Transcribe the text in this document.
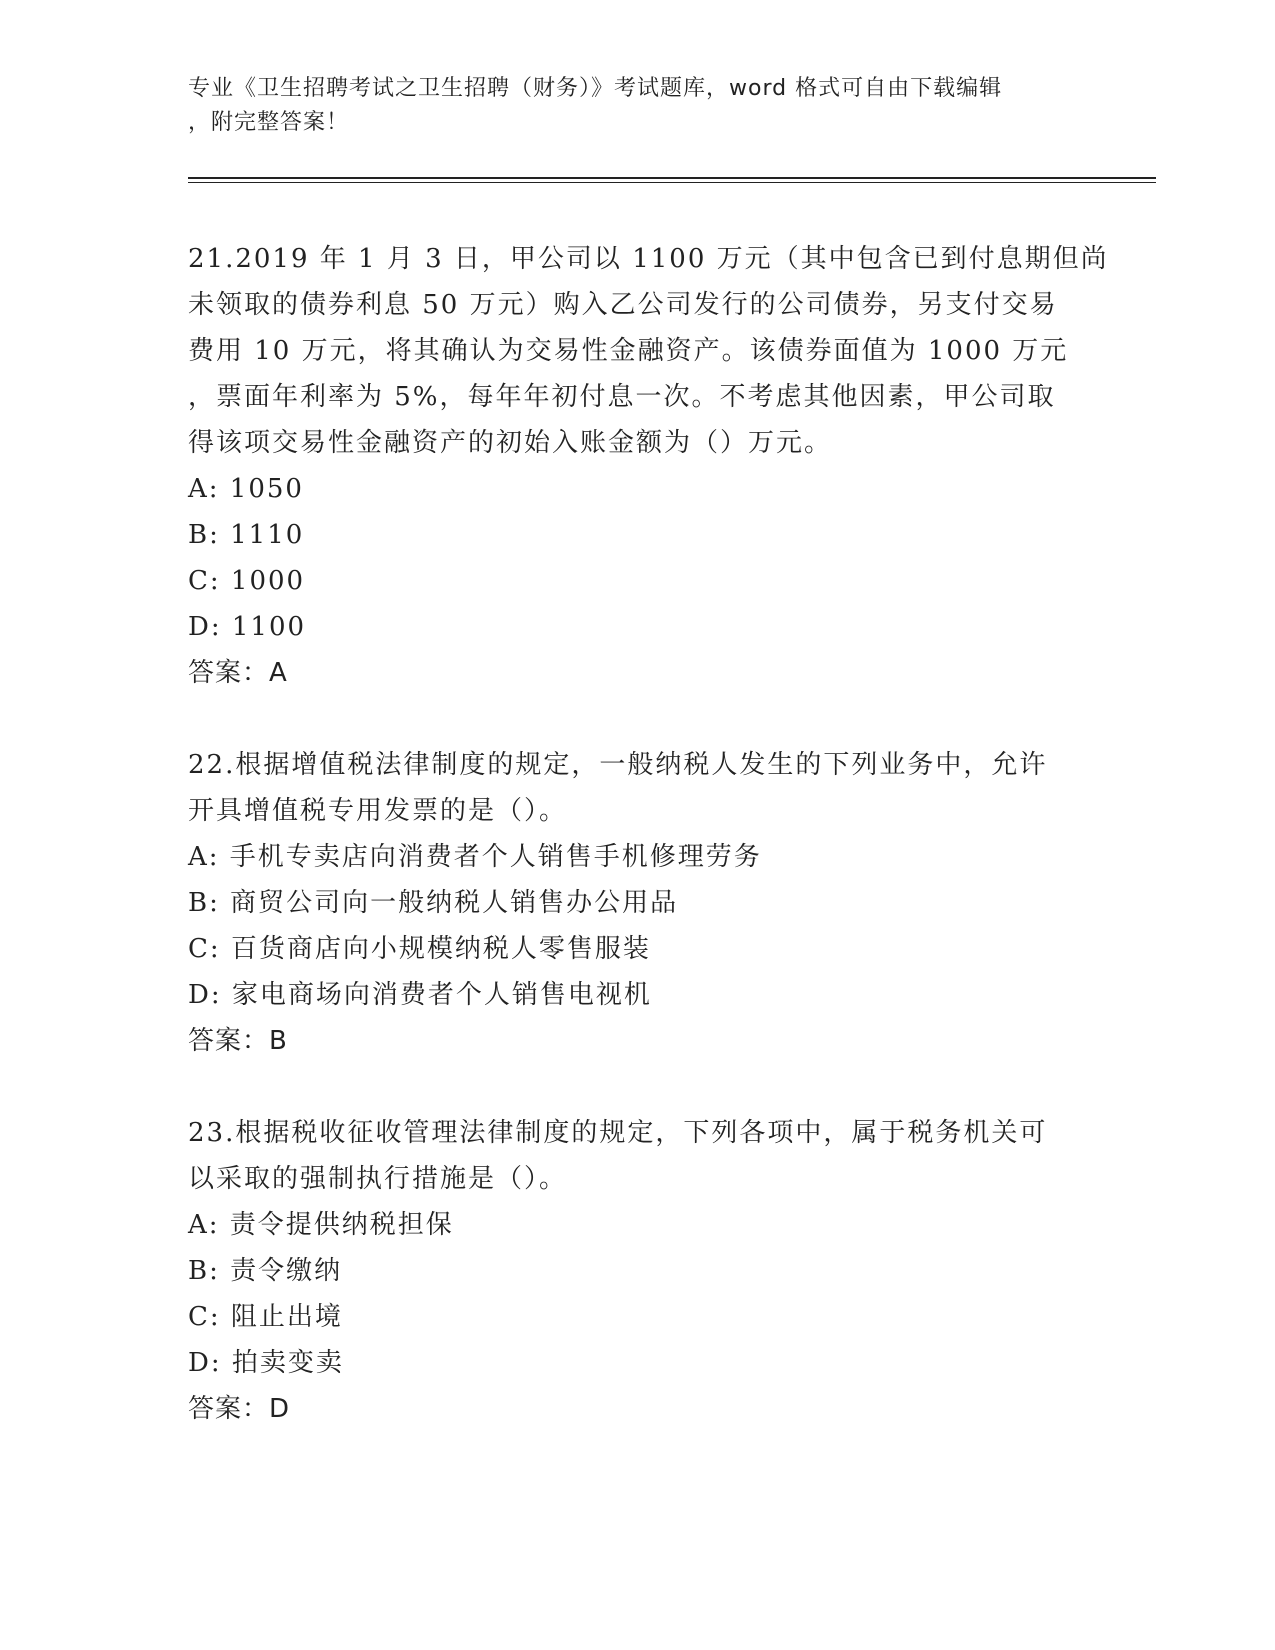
专业《卫生招聘考试之卫生招聘（财务）》考试题库，word 格式可自由下载编辑
，附完整答案！
21.2019 年 1 月 3 日，甲公司以 1100 万元（其中包含已到付息期但尚
未领取的债券利息 50 万元）购入乙公司发行的公司债券，另支付交易
费用 10 万元，将其确认为交易性金融资产。该债券面值为 1000 万元
，票面年利率为 5%，每年年初付息一次。不考虑其他因素，甲公司取
得该项交易性金融资产的初始入账金额为（）万元。
A: 1050
B: 1110
C: 1000
D: 1100
答案：A
22.根据增值税法律制度的规定，一般纳税人发生的下列业务中，允许
开具增值税专用发票的是（）。
A: 手机专卖店向消费者个人销售手机修理劳务
B: 商贸公司向一般纳税人销售办公用品
C: 百货商店向小规模纳税人零售服装
D: 家电商场向消费者个人销售电视机
答案：B
23.根据税收征收管理法律制度的规定，下列各项中，属于税务机关可
以采取的强制执行措施是（）。
A: 责令提供纳税担保
B: 责令缴纳
C: 阻止出境
D: 拍卖变卖
答案：D
